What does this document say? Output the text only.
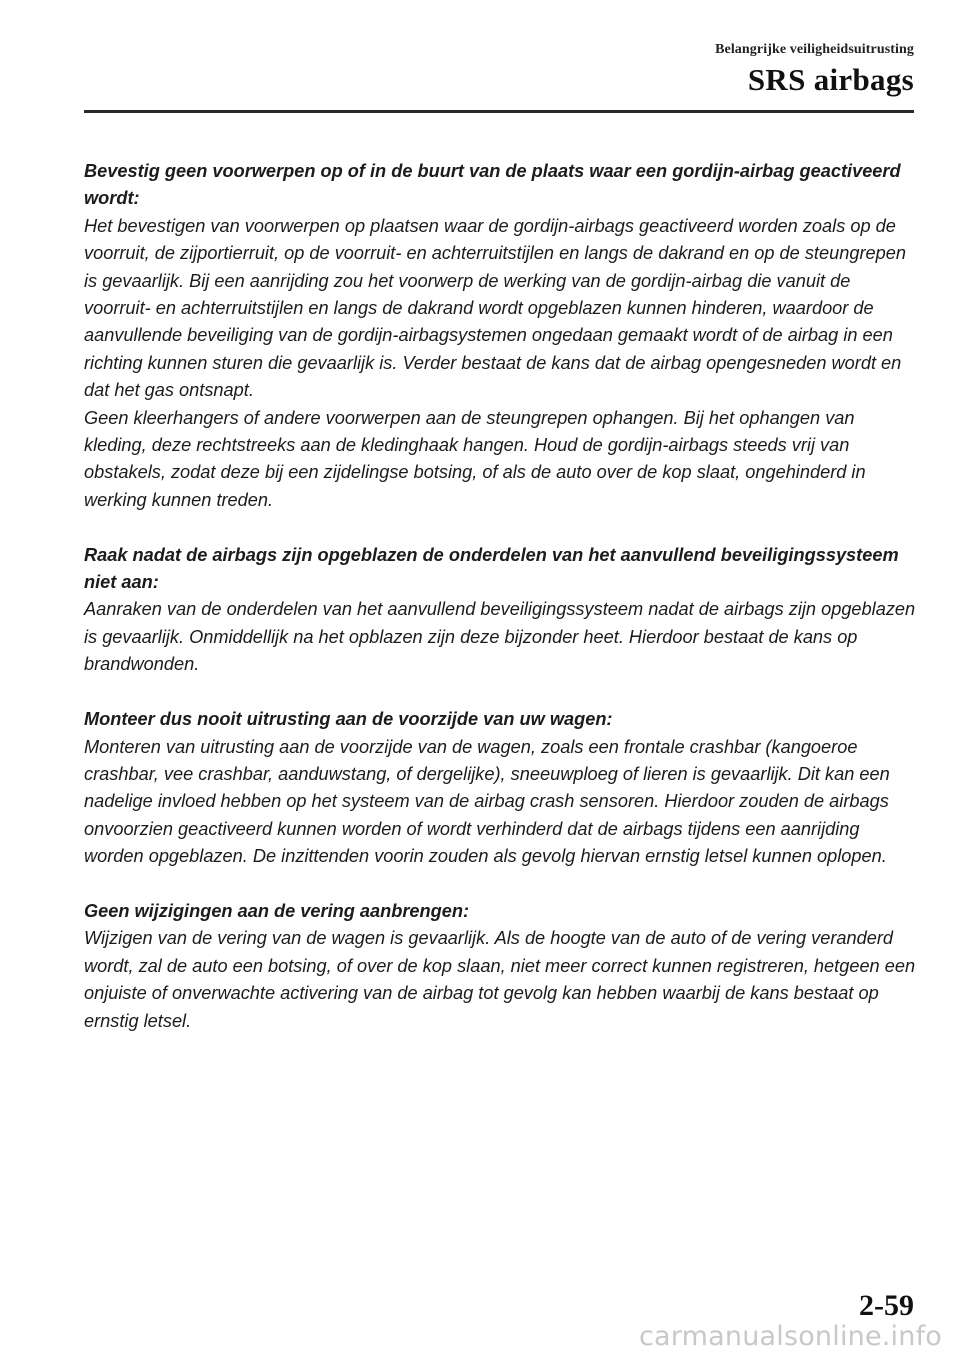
Belangrijke veiligheidsuitrusting
SRS airbags

Bevestig geen voorwerpen op of in de buurt van de plaats waar een gordijn-airbag geactiveerd wordt:

Het bevestigen van voorwerpen op plaatsen waar de gordijn-airbags geactiveerd worden zoals op de voorruit, de zijportierruit, op de voorruit- en achterruitstijlen en langs de dakrand en op de steungrepen is gevaarlijk. Bij een aanrijding zou het voorwerp de werking van de gordijn-airbag die vanuit de voorruit- en achterruitstijlen en langs de dakrand wordt opgeblazen kunnen hinderen, waardoor de aanvullende beveiliging van de gordijn-airbagsystemen ongedaan gemaakt wordt of de airbag in een richting kunnen sturen die gevaarlijk is. Verder bestaat de kans dat de airbag opengesneden wordt en dat het gas ontsnapt.

Geen kleerhangers of andere voorwerpen aan de steungrepen ophangen. Bij het ophangen van kleding, deze rechtstreeks aan de kledinghaak hangen. Houd de gordijn-airbags steeds vrij van obstakels, zodat deze bij een zijdelingse botsing, of als de auto over de kop slaat, ongehinderd in werking kunnen treden.

Raak nadat de airbags zijn opgeblazen de onderdelen van het aanvullend beveiligingssysteem niet aan:

Aanraken van de onderdelen van het aanvullend beveiligingssysteem nadat de airbags zijn opgeblazen is gevaarlijk. Onmiddellijk na het opblazen zijn deze bijzonder heet. Hierdoor bestaat de kans op brandwonden.

Monteer dus nooit uitrusting aan de voorzijde van uw wagen:

Monteren van uitrusting aan de voorzijde van de wagen, zoals een frontale crashbar (kangoeroe crashbar, vee crashbar, aanduwstang, of dergelijke), sneeuwploeg of lieren is gevaarlijk. Dit kan een nadelige invloed hebben op het systeem van de airbag crash sensoren. Hierdoor zouden de airbags onvoorzien geactiveerd kunnen worden of wordt verhinderd dat de airbags tijdens een aanrijding worden opgeblazen. De inzittenden voorin zouden als gevolg hiervan ernstig letsel kunnen oplopen.

Geen wijzigingen aan de vering aanbrengen:

Wijzigen van de vering van de wagen is gevaarlijk. Als de hoogte van de auto of de vering veranderd wordt, zal de auto een botsing, of over de kop slaan, niet meer correct kunnen registreren, hetgeen een onjuiste of onverwachte activering van de airbag tot gevolg kan hebben waarbij de kans bestaat op ernstig letsel.

2-59
carmanualsonline.info
